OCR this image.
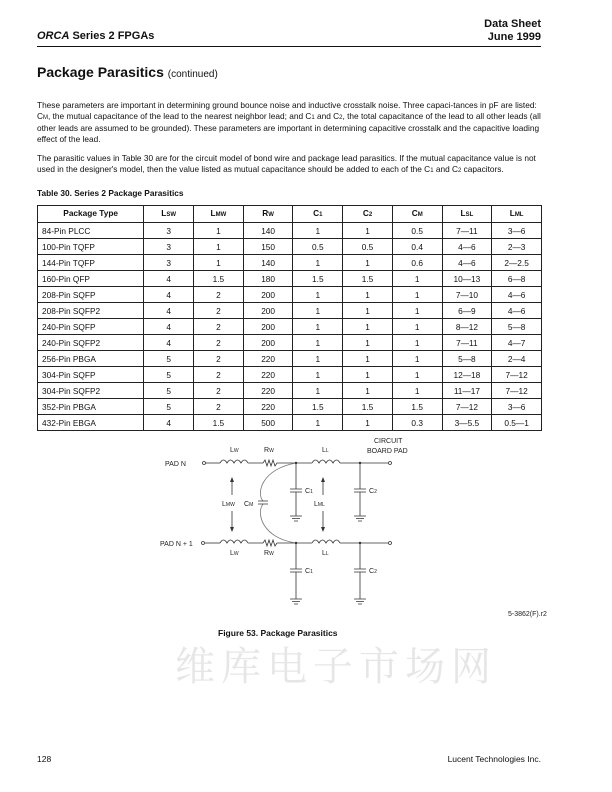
ORCA Series 2 FPGAs
Data Sheet
June 1999
Package Parasitics (continued)
These parameters are important in determining ground bounce noise and inductive crosstalk noise. Three capaci-tances in pF are listed: CM, the mutual capacitance of the lead to the nearest neighbor lead; and C1 and C2, the total capacitance of the lead to all other leads (all other leads are assumed to be grounded). These parameters are important in determining capacitive crosstalk and the capacitive loading effect of the lead.
The parasitic values in Table 30 are for the circuit model of bond wire and package lead parasitics. If the mutual capacitance value is not used in the designer's model, then the value listed as mutual capacitance should be added to each of the C1 and C2 capacitors.
Table 30. Series 2 Package Parasitics
Package Type	LSW	LMW	RW	C1	C2	CM	LSL	LML
84-Pin PLCC	3	1	140	1	1	0.5	7—11	3—6
100-Pin TQFP	3	1	150	0.5	0.5	0.4	4—6	2—3
144-Pin TQFP	3	1	140	1	1	0.6	4—6	2—2.5
160-Pin QFP	4	1.5	180	1.5	1.5	1	10—13	6—8
208-Pin SQFP	4	2	200	1	1	1	7—10	4—6
208-Pin SQFP2	4	2	200	1	1	1	6—9	4—6
240-Pin SQFP	4	2	200	1	1	1	8—12	5—8
240-Pin SQFP2	4	2	200	1	1	1	7—11	4—7
256-Pin PBGA	5	2	220	1	1	1	5—8	2—4
304-Pin SQFP	5	2	220	1	1	1	12—18	7—12
304-Pin SQFP2	5	2	220	1	1	1	11—17	7—12
352-Pin PBGA	5	2	220	1.5	1.5	1.5	7—12	3—6
432-Pin EBGA	4	1.5	500	1	1	0.3	3—5.5	0.5—1
PAD N
PAD N + 1
CIRCUIT
BOARD PAD
LW	RW	LL
LW	RW	LL
C1	C2
C1	C2
CM
LMW	LML
5-3862(F).r2
Figure 53. Package Parasitics
维库电子市场网
128	Lucent Technologies Inc.
